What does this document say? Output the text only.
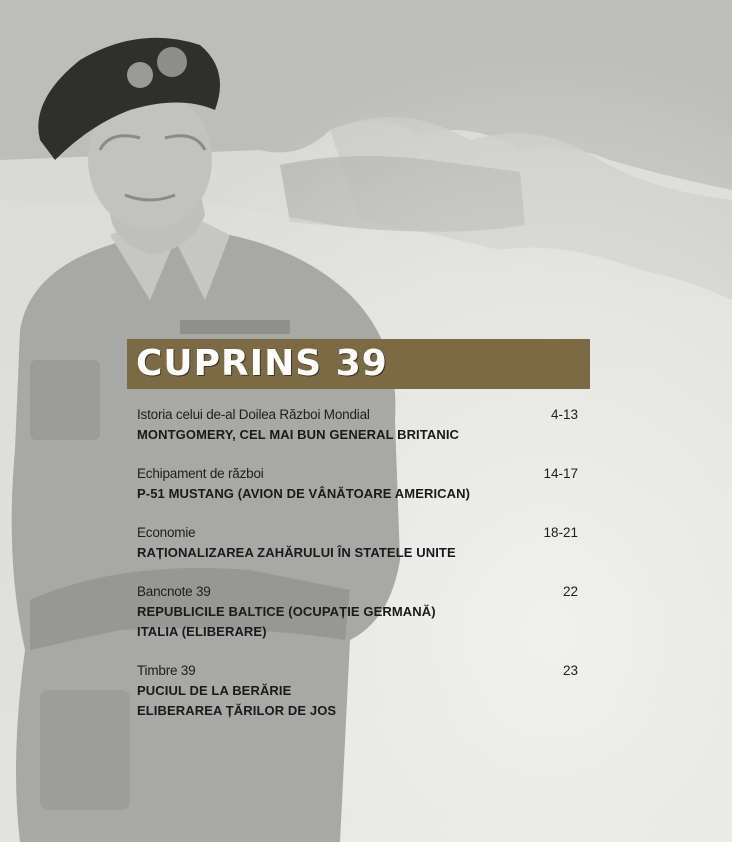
CUPRINS 39
Istoria celui de-al Doilea Război Mondial	4-13
MONTGOMERY, CEL MAI BUN GENERAL BRITANIC
Echipament de război	14-17
P-51 MUSTANG (AVION DE VÂNĂTOARE AMERICAN)
Economie	18-21
RAȚIONALIZAREA ZAHĂRULUI ÎN STATELE UNITE
Bancnote 39	22
REPUBLICILE BALTICE (OCUPAȚIE GERMANĂ)
ITALIA (ELIBERARE)
Timbre 39	23
PUCIUL DE LA BERĂRIE
ELIBERAREA ȚĂRILOR DE JOS
